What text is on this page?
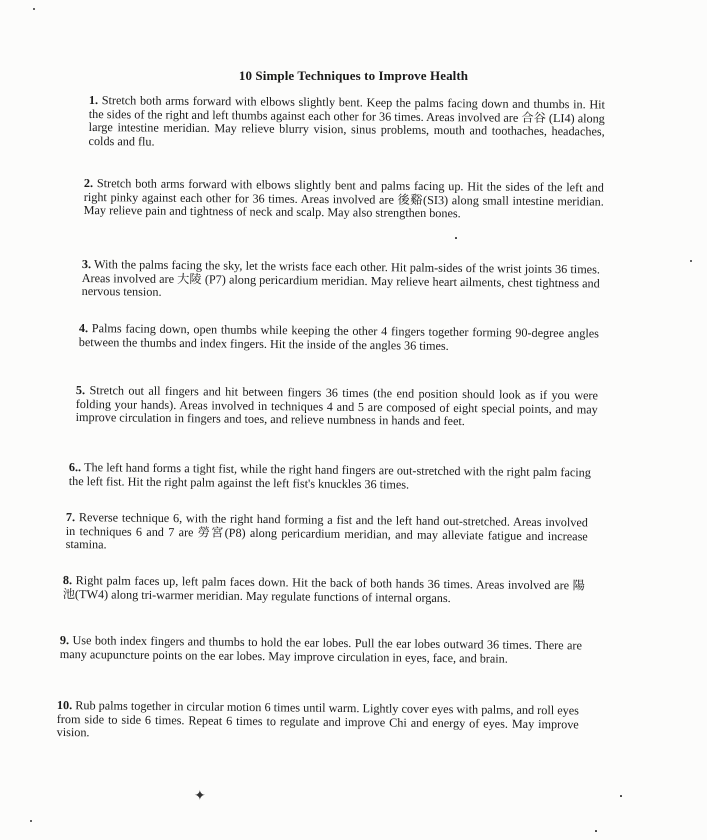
10 Simple Techniques to Improve Health
1. Stretch both arms forward with elbows slightly bent. Keep the palms facing down and thumbs in. Hit the sides of the right and left thumbs against each other for 36 times. Areas involved are 合谷 (LI4) along large intestine meridian. May relieve blurry vision, sinus problems, mouth and toothaches, headaches, colds and flu.
2. Stretch both arms forward with elbows slightly bent and palms facing up. Hit the sides of the left and right pinky against each other for 36 times. Areas involved are 後谿(SI3) along small intestine meridian. May relieve pain and tightness of neck and scalp. May also strengthen bones.
3. With the palms facing the sky, let the wrists face each other. Hit palm-sides of the wrist joints 36 times. Areas involved are 大陵 (P7) along pericardium meridian. May relieve heart ailments, chest tightness and nervous tension.
4. Palms facing down, open thumbs while keeping the other 4 fingers together forming 90-degree angles between the thumbs and index fingers. Hit the inside of the angles 36 times.
5. Stretch out all fingers and hit between fingers 36 times (the end position should look as if you were folding your hands). Areas involved in techniques 4 and 5 are composed of eight special points, and may improve circulation in fingers and toes, and relieve numbness in hands and feet.
6.. The left hand forms a tight fist, while the right hand fingers are out-stretched with the right palm facing the left fist. Hit the right palm against the left fist's knuckles 36 times.
7. Reverse technique 6, with the right hand forming a fist and the left hand out-stretched. Areas involved in techniques 6 and 7 are 勞宮(P8) along pericardium meridian, and may alleviate fatigue and increase stamina.
8. Right palm faces up, left palm faces down. Hit the back of both hands 36 times. Areas involved are 陽池(TW4) along tri-warmer meridian. May regulate functions of internal organs.
9. Use both index fingers and thumbs to hold the ear lobes. Pull the ear lobes outward 36 times. There are many acupuncture points on the ear lobes. May improve circulation in eyes, face, and brain.
10. Rub palms together in circular motion 6 times until warm. Lightly cover eyes with palms, and roll eyes from side to side 6 times. Repeat 6 times to regulate and improve Chi and energy of eyes. May improve vision.
✦
